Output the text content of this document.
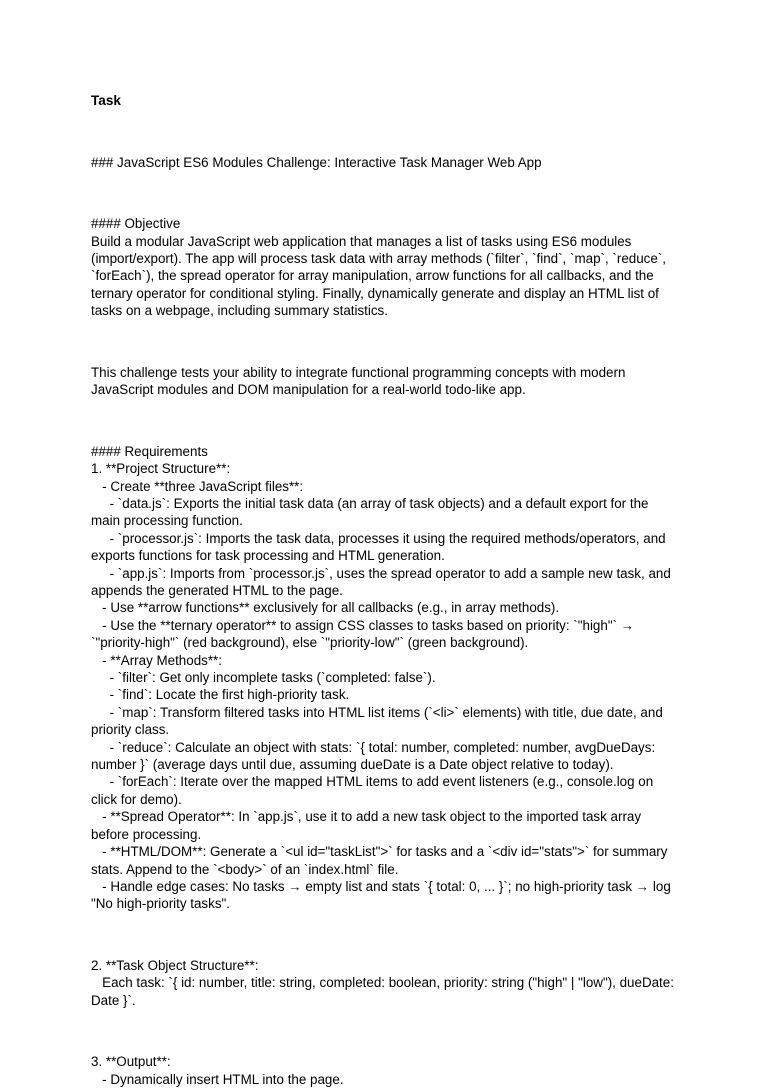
Task

### JavaScript ES6 Modules Challenge: Interactive Task Manager Web App

#### Objective

Build a modular JavaScript web application that manages a list of tasks using ES6 modules (import/export). The app will process task data with array methods (`filter`, `find`, `map`, `reduce`, `forEach`), the spread operator for array manipulation, arrow functions for all callbacks, and the ternary operator for conditional styling. Finally, dynamically generate and display an HTML list of tasks on a webpage, including summary statistics.

This challenge tests your ability to integrate functional programming concepts with modern JavaScript modules and DOM manipulation for a real-world todo-like app.

#### Requirements

1. **Project Structure**:

- Create **three JavaScript files**:

- `data.js`: Exports the initial task data (an array of task objects) and a default export for the main processing function.

- `processor.js`: Imports the task data, processes it using the required methods/operators, and exports functions for task processing and HTML generation.

- `app.js`: Imports from `processor.js`, uses the spread operator to add a sample new task, and appends the generated HTML to the page.

- Use **arrow functions** exclusively for all callbacks (e.g., in array methods).

- Use the **ternary operator** to assign CSS classes to tasks based on priority: `"high"` → `"priority-high"` (red background), else `"priority-low"` (green background).

- **Array Methods**:

- `filter`: Get only incomplete tasks (`completed: false`).

- `find`: Locate the first high-priority task.

- `map`: Transform filtered tasks into HTML list items (`<li>` elements) with title, due date, and priority class.

- `reduce`: Calculate an object with stats: `{ total: number, completed: number, avgDueDays: number }` (average days until due, assuming dueDate is a Date object relative to today).

- `forEach`: Iterate over the mapped HTML items to add event listeners (e.g., console.log on click for demo).

- **Spread Operator**: In `app.js`, use it to add a new task object to the imported task array before processing.

- **HTML/DOM**: Generate a `<ul id="taskList">` for tasks and a `<div id="stats">` for summary stats. Append to the `<body>` of an `index.html` file.

- Handle edge cases: No tasks → empty list and stats `{ total: 0, ... }`; no high-priority task → log "No high-priority tasks".

2. **Task Object Structure**:

Each task: `{ id: number, title: string, completed: boolean, priority: string ("high" | "low"), dueDate: Date }`.

3. **Output**:

- Dynamically insert HTML into the page.
